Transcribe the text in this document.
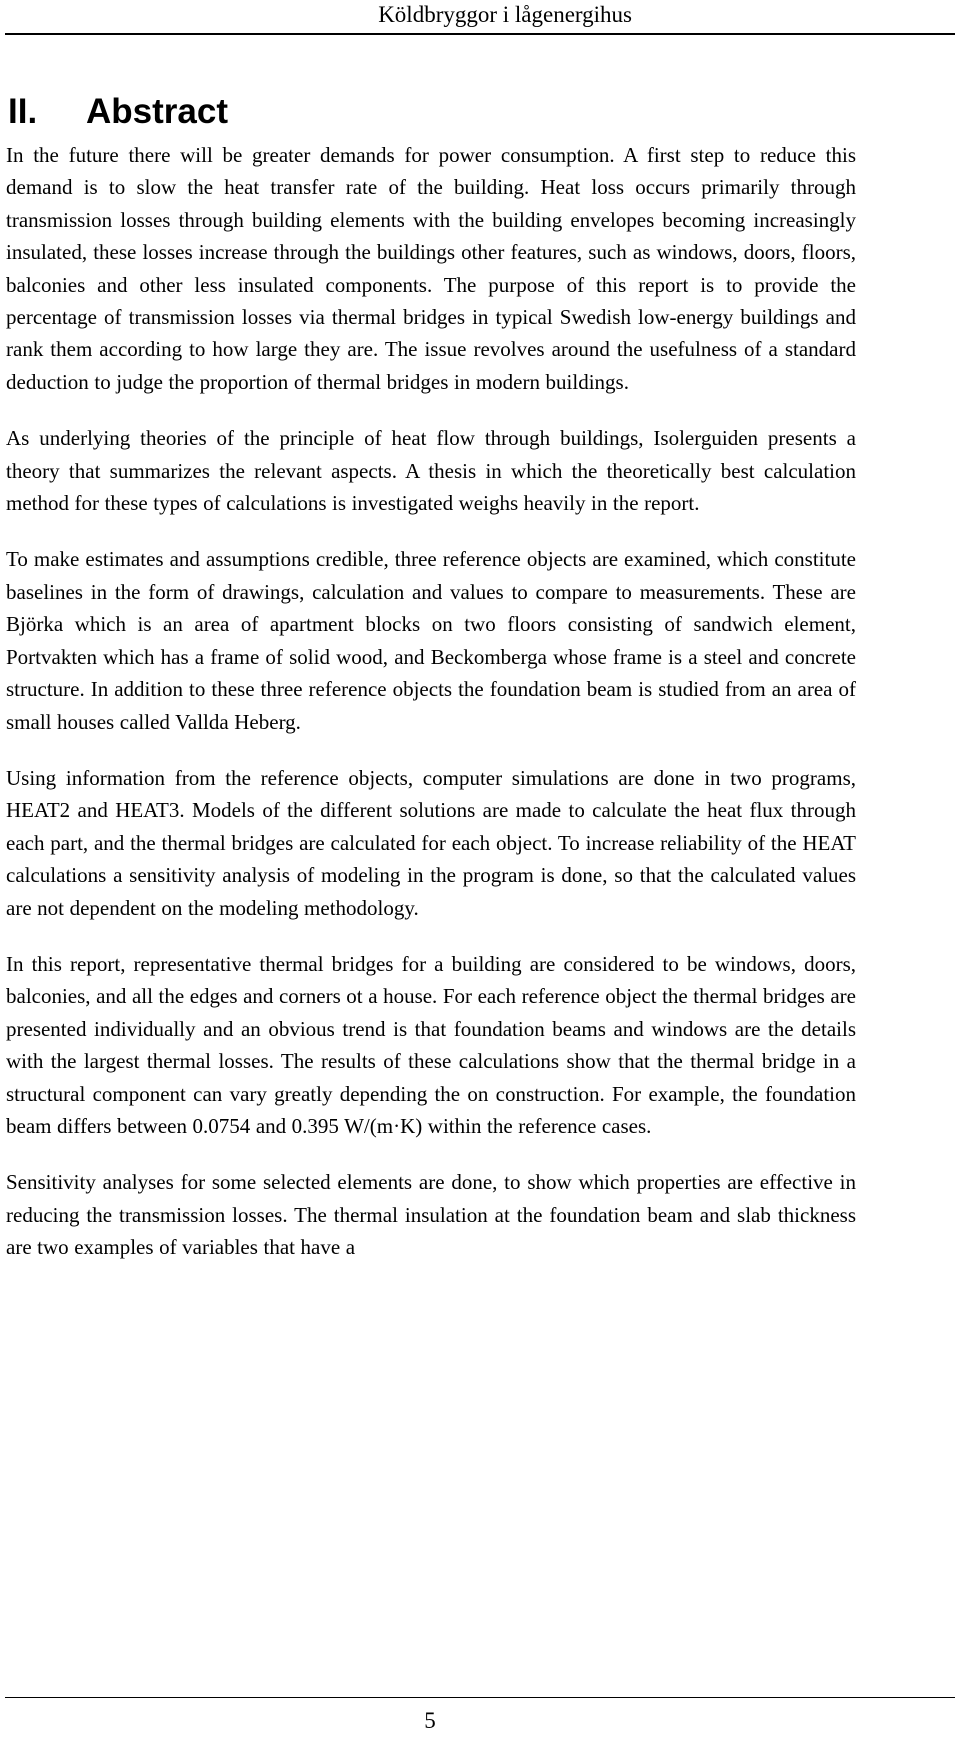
Köldbryggor i lågenergihus
II. Abstract

In the future there will be greater demands for power consumption. A first step to reduce this demand is to slow the heat transfer rate of the building. Heat loss occurs primarily through transmission losses through building elements with the building envelopes becoming increasingly insulated, these losses increase through the buildings other features, such as windows, doors, floors, balconies and other less insulated components. The purpose of this report is to provide the percentage of transmission losses via thermal bridges in typical Swedish low-energy buildings and rank them according to how large they are. The issue revolves around the usefulness of a standard deduction to judge the proportion of thermal bridges in modern buildings.

As underlying theories of the principle of heat flow through buildings, Isolerguiden presents a theory that summarizes the relevant aspects. A thesis in which the theoretically best calculation method for these types of calculations is investigated weighs heavily in the report.

To make estimates and assumptions credible, three reference objects are examined, which constitute baselines in the form of drawings, calculation and values to compare to measurements. These are Björka which is an area of apartment blocks on two floors consisting of sandwich element, Portvakten which has a frame of solid wood, and Beckomberga whose frame is a steel and concrete structure. In addition to these three reference objects the foundation beam is studied from an area of small houses called Vallda Heberg.

Using information from the reference objects, computer simulations are done in two programs, HEAT2 and HEAT3. Models of the different solutions are made to calculate the heat flux through each part, and the thermal bridges are calculated for each object. To increase reliability of the HEAT calculations a sensitivity analysis of modeling in the program is done, so that the calculated values are not dependent on the modeling methodology.

In this report, representative thermal bridges for a building are considered to be windows, doors, balconies, and all the edges and corners ot a house. For each reference object the thermal bridges are presented individually and an obvious trend is that foundation beams and windows are the details with the largest thermal losses. The results of these calculations show that the thermal bridge in a structural component can vary greatly depending the on construction. For example, the foundation beam differs between 0.0754 and 0.395 W/(m·K) within the reference cases.

Sensitivity analyses for some selected elements are done, to show which properties are effective in reducing the transmission losses. The thermal insulation at the foundation beam and slab thickness are two examples of variables that have a

5
